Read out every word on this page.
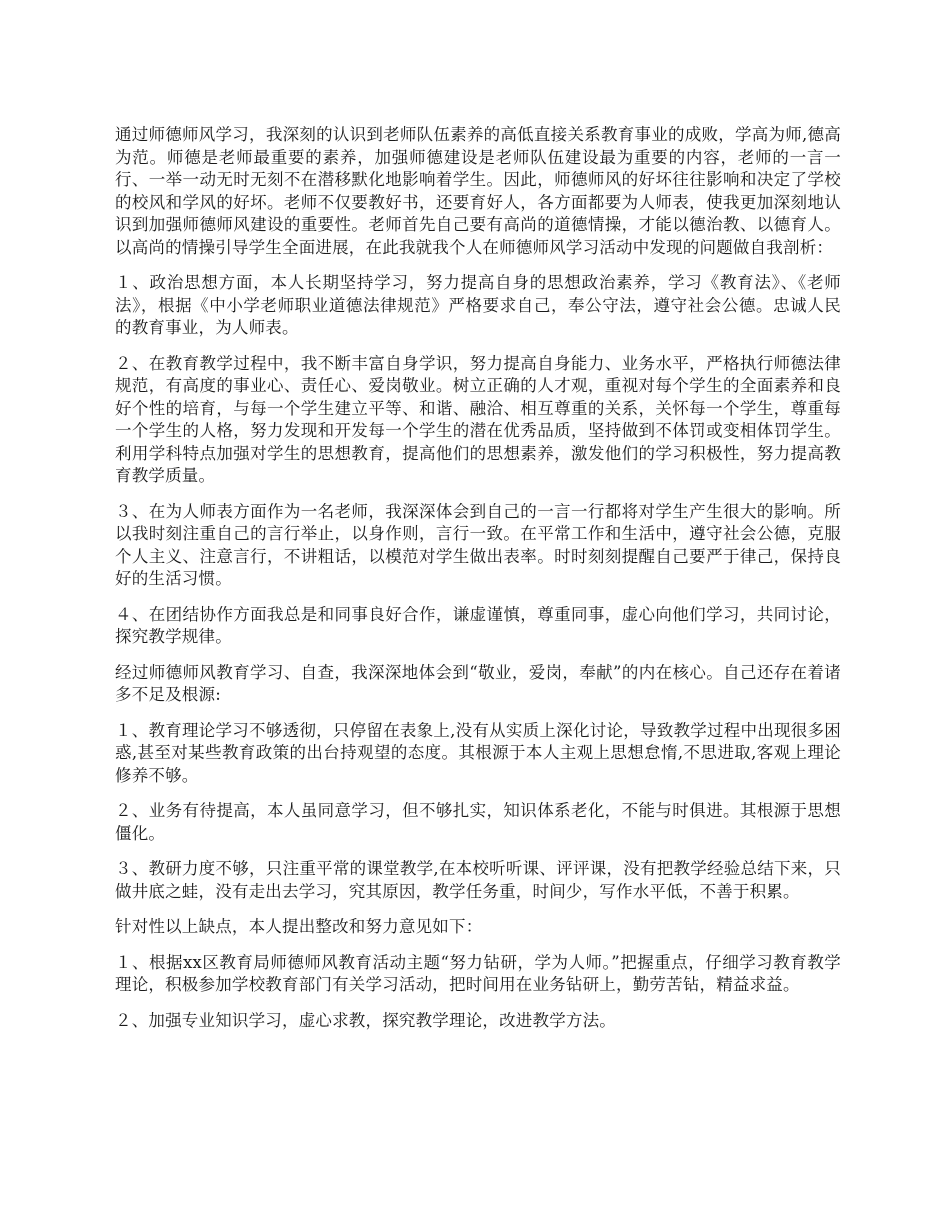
通过师德师风学习，我深刻的认识到老师队伍素养的高低直接关系教育事业的成败，学高为师,德高为范。师德是老师最重要的素养，加强师德建设是老师队伍建设最为重要的内容，老师的一言一行、一举一动无时无刻不在潜移默化地影响着学生。因此，师德师风的好坏往往影响和决定了学校的校风和学风的好坏。老师不仅要教好书，还要育好人，各方面都要为人师表，使我更加深刻地认识到加强师德师风建设的重要性。老师首先自己要有高尚的道德情操，才能以德治教、以德育人。以高尚的情操引导学生全面进展，在此我就我个人在师德师风学习活动中发现的问题做自我剖析：

１、政治思想方面，本人长期坚持学习，努力提高自身的思想政治素养，学习《教育法》、《老师法》，根据《中小学老师职业道德法律规范》严格要求自己，奉公守法，遵守社会公德。忠诚人民的教育事业，为人师表。

２、在教育教学过程中，我不断丰富自身学识，努力提高自身能力、业务水平，严格执行师德法律规范，有高度的事业心、责任心、爱岗敬业。树立正确的人才观，重视对每个学生的全面素养和良好个性的培育，与每一个学生建立平等、和谐、融洽、相互尊重的关系，关怀每一个学生，尊重每一个学生的人格，努力发现和开发每一个学生的潜在优秀品质，坚持做到不体罚或变相体罚学生。利用学科特点加强对学生的思想教育，提高他们的思想素养，激发他们的学习积极性，努力提高教育教学质量。

３、在为人师表方面作为一名老师，我深深体会到自己的一言一行都将对学生产生很大的影响。所以我时刻注重自己的言行举止，以身作则，言行一致。在平常工作和生活中，遵守社会公德，克服个人主义、注意言行，不讲粗话，以模范对学生做出表率。时时刻刻提醒自己要严于律己，保持良好的生活习惯。

４、在团结协作方面我总是和同事良好合作，谦虚谨慎，尊重同事，虚心向他们学习，共同讨论，探究教学规律。

经过师德师风教育学习、自查，我深深地体会到“敬业，爱岗，奉献”的内在核心。自己还存在着诸多不足及根源:

１、教育理论学习不够透彻，只停留在表象上,没有从实质上深化讨论，导致教学过程中出现很多困惑,甚至对某些教育政策的出台持观望的态度。其根源于本人主观上思想怠惰,不思进取,客观上理论修养不够。

２、业务有待提高，本人虽同意学习，但不够扎实，知识体系老化，不能与时俱进。其根源于思想僵化。

３、教研力度不够，只注重平常的课堂教学,在本校听听课、评评课，没有把教学经验总结下来，只做井底之蛙，没有走出去学习，究其原因，教学任务重，时间少，写作水平低，不善于积累。

针对性以上缺点，本人提出整改和努力意见如下：

１、根据xx区教育局师德师风教育活动主题“努力钻研，学为人师。”把握重点，仔细学习教育教学理论，积极参加学校教育部门有关学习活动，把时间用在业务钻研上，勤劳苦钻，精益求益。

２、加强专业知识学习，虚心求教，探究教学理论，改进教学方法。
